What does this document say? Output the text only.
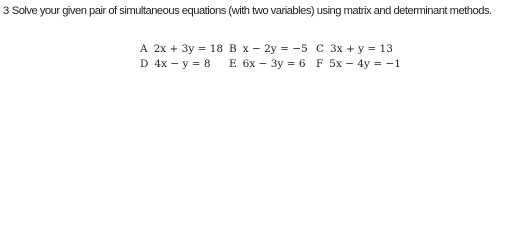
3 Solve your given pair of simultaneous equations (with two variables) using matrix and determinant methods.
A 2x + 3y = 18 B x − 2y = −5 C 3x + y = 13
D 4x − y = 8 E 6x − 3y = 6 F 5x − 4y = −1
